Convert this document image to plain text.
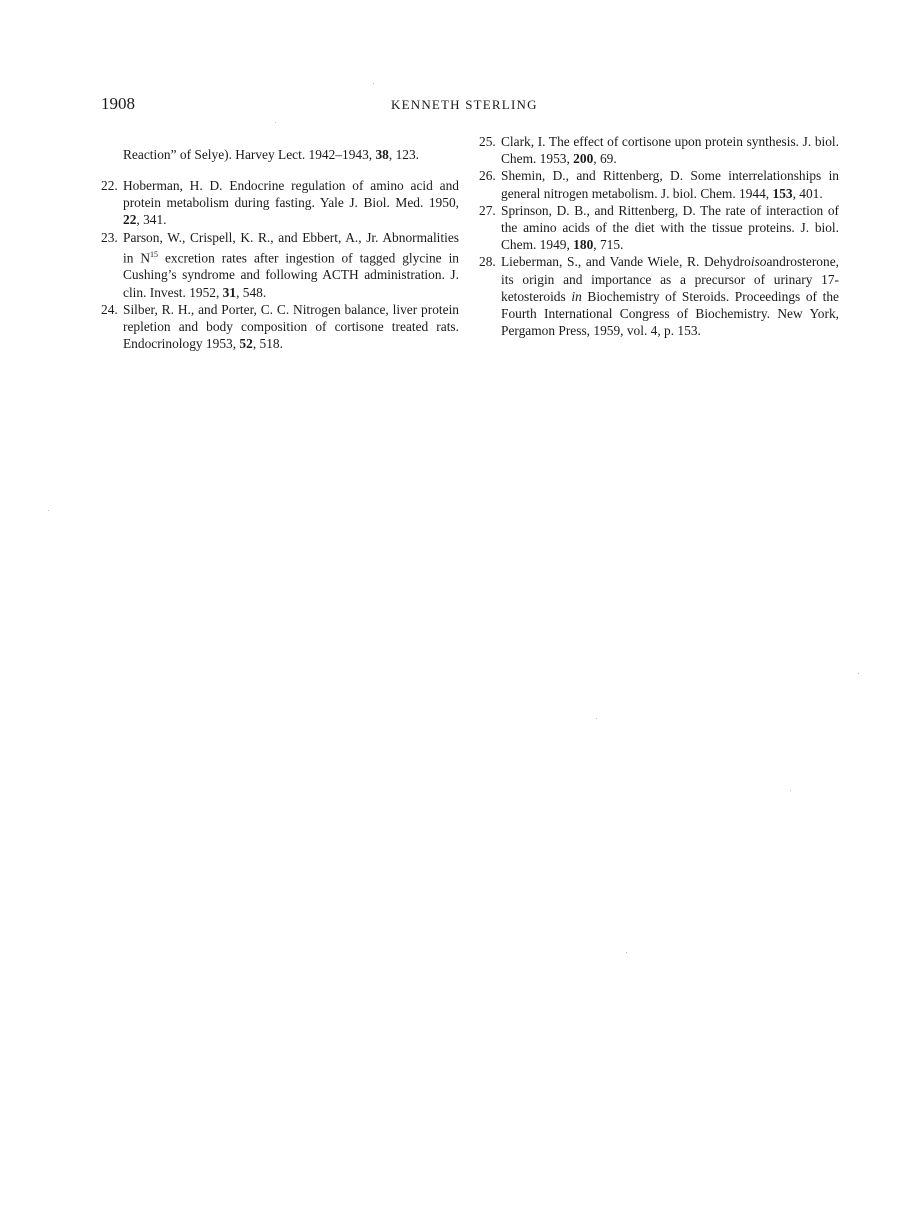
1908	KENNETH STERLING

Reaction” of Selye). Harvey Lect. 1942–1943, 38, 123.

22. Hoberman, H. D. Endocrine regulation of amino acid and protein metabolism during fasting. Yale J. Biol. Med. 1950, 22, 341.

23. Parson, W., Crispell, K. R., and Ebbert, A., Jr. Abnormalities in $N^{15}$ excretion rates after ingestion of tagged glycine in Cushing’s syndrome and following ACTH administration. J. clin. Invest. 1952, 31, 548.

24. Silber, R. H., and Porter, C. C. Nitrogen balance, liver protein repletion and body composition of cortisone treated rats. Endocrinology 1953, 52, 518.

25. Clark, I. The effect of cortisone upon protein synthesis. J. biol. Chem. 1953, 200, 69.

26. Shemin, D., and Rittenberg, D. Some interrelationships in general nitrogen metabolism. J. biol. Chem. 1944, 153, 401.

27. Sprinson, D. B., and Rittenberg, D. The rate of interaction of the amino acids of the diet with the tissue proteins. J. biol. Chem. 1949, 180, 715.

28. Lieberman, S., and Vande Wiele, R. Dehydroisoandrosterone, its origin and importance as a precursor of urinary 17-ketosteroids in Biochemistry of Steroids. Proceedings of the Fourth International Congress of Biochemistry. New York, Pergamon Press, 1959, vol. 4, p. 153.
